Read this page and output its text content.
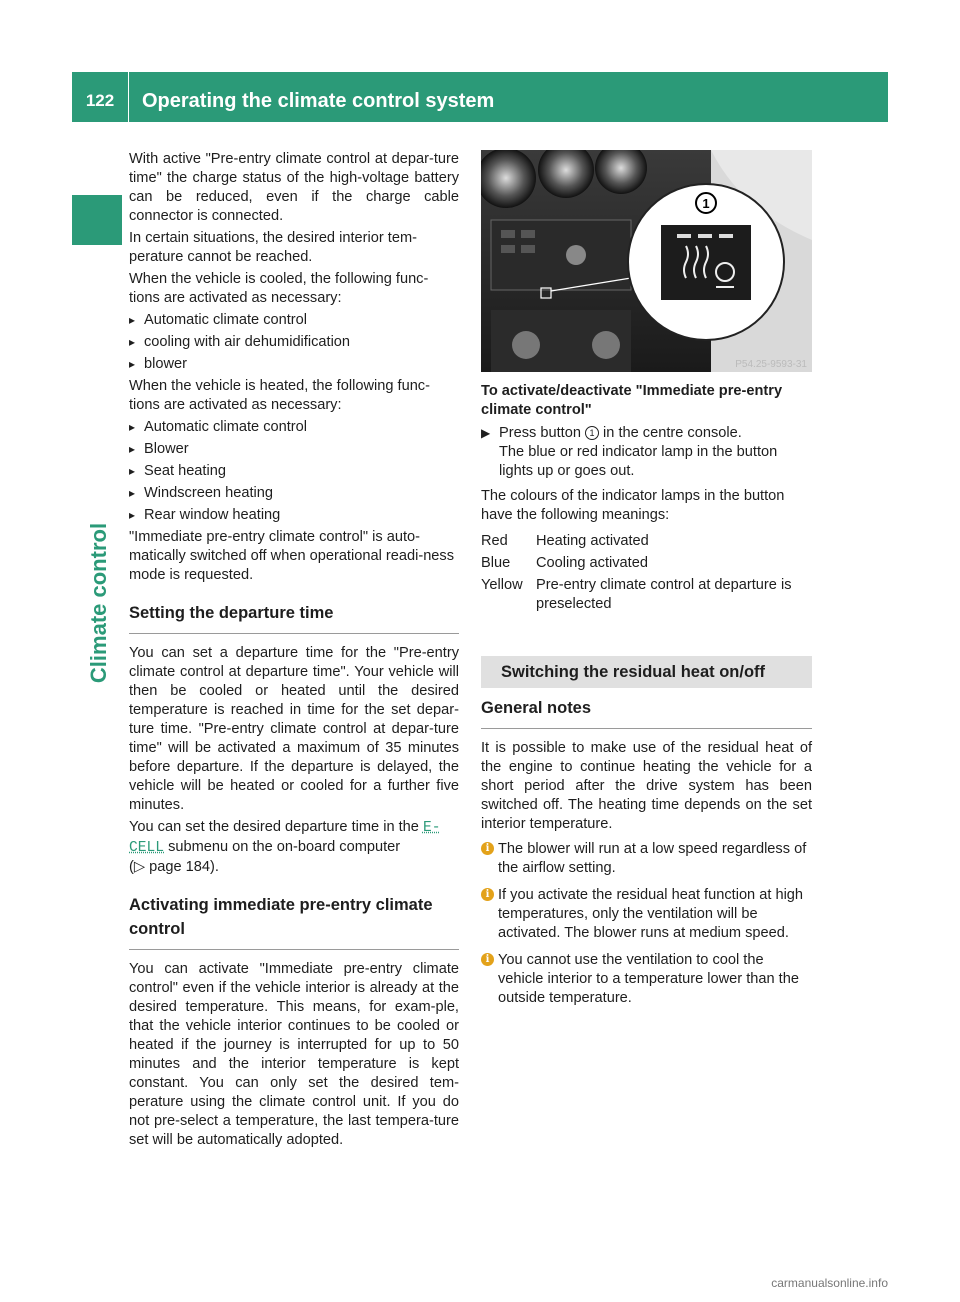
122	Operating the climate control system
Climate control

With active "Pre-entry climate control at depar-ture time" the charge status of the high-voltage battery can be reduced, even if the charge cable connector is connected.

In certain situations, the desired interior tem-perature cannot be reached.

When the vehicle is cooled, the following func-tions are activated as necessary:

▸ Automatic climate control
▸ cooling with air dehumidification
▸ blower

When the vehicle is heated, the following func-tions are activated as necessary:

▸ Automatic climate control
▸ Blower
▸ Seat heating
▸ Windscreen heating
▸ Rear window heating

"Immediate pre-entry climate control" is auto-matically switched off when operational readi-ness mode is requested.

Setting the departure time

You can set a departure time for the "Pre-entry climate control at departure time". Your vehicle will then be cooled or heated until the desired temperature is reached in time for the set depar-ture time. "Pre-entry climate control at depar-ture time" will be activated a maximum of 35 minutes before departure. If the departure is delayed, the vehicle will be heated or cooled for a further five minutes.

You can set the desired departure time in the E-CELL submenu on the on-board computer
(▷ page 184).

Activating immediate pre-entry climate control

You can activate "Immediate pre-entry climate control" even if the vehicle interior is already at the desired temperature. This means, for exam-ple, that the vehicle interior continues to be cooled or heated if the journey is interrupted for up to 50 minutes and the interior temperature is kept constant. You can only set the desired tem-perature using the climate control unit. If you do not pre-select a temperature, the last tempera-ture set will be automatically adopted.

1
P54.25-9593-31
To activate/deactivate "Immediate pre-entry climate control"
▶ Press button 1 in the centre console.
The blue or red indicator lamp in the button lights up or goes out.

The colours of the indicator lamps in the button have the following meanings:

Red	Heating activated
Blue	Cooling activated
Yellow	Pre-entry climate control at departure is preselected
Switching the residual heat on/off
General notes

It is possible to make use of the residual heat of the engine to continue heating the vehicle for a short period after the drive system has been switched off. The heating time depends on the set interior temperature.

i The blower will run at a low speed regardless of the airflow setting.
i If you activate the residual heat function at high temperatures, only the ventilation will be activated. The blower runs at medium speed.
i You cannot use the ventilation to cool the vehicle interior to a temperature lower than the outside temperature.
carmanualsonline.info
